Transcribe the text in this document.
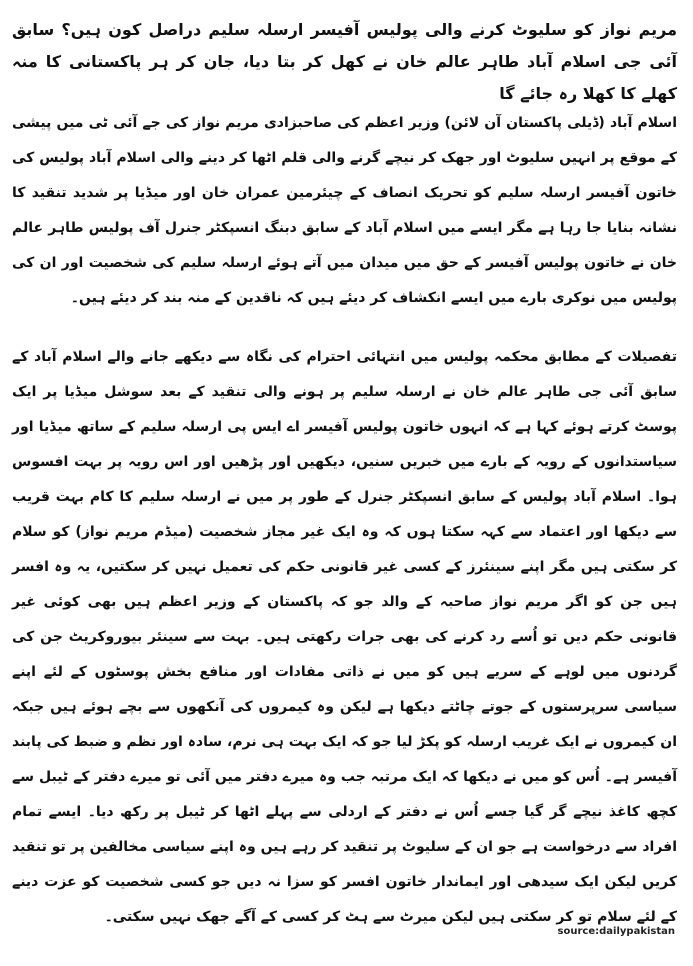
مریم نواز کو سلیوٹ کرنے والی پولیس آفیسر ارسلہ سلیم دراصل کون ہیں؟ سابق آئی جی اسلام آباد طاہر عالم خان نے کھل کر بتا دیا، جان کر ہر پاکستانی کا منہ کھلے کا کھلا رہ جائے گا
اسلام آباد (ڈیلی پاکستان آن لائن) وزیر اعظم کی صاحبزادی مریم نواز کی جے آئی ٹی میں پیشی کے موقع پر انہیں سلیوٹ اور جھک کر نیچے گرنے والی قلم اٹھا کر دینے والی اسلام آباد پولیس کی خاتون آفیسر ارسلہ سلیم کو تحریک انصاف کے چیئرمین عمران خان اور میڈیا پر شدید تنقید کا نشانہ بنایا جا رہا ہے مگر ایسے میں اسلام آباد کے سابق دبنگ انسپکٹر جنرل آف پولیس طاہر عالم خان نے خاتون پولیس آفیسر کے حق میں میدان میں آتے ہوئے ارسلہ سلیم کی شخصیت اور ان کی پولیس میں نوکری بارے میں ایسے انکشاف کر دیئے ہیں کہ ناقدین کے منہ بند کر دیئے ہیں۔
تفصیلات کے مطابق محکمہ پولیس میں انتہائی احترام کی نگاہ سے دیکھے جانے والے اسلام آباد کے سابق آئی جی طاہر عالم خان نے ارسلہ سلیم پر ہونے والی تنقید کے بعد سوشل میڈیا پر ایک پوسٹ کرتے ہوئے کہا ہے کہ انہوں خاتون پولیس آفیسر اے ایس پی ارسلہ سلیم کے ساتھ میڈیا اور سیاستدانوں کے رویہ کے بارے میں خبریں سنیں، دیکھیں اور پڑھیں اور اس رویہ پر بہت افسوس ہوا۔ اسلام آباد پولیس کے سابق انسپکٹر جنرل کے طور پر میں نے ارسلہ سلیم کا کام بہت قریب سے دیکھا اور اعتماد سے کہہ سکتا ہوں کہ وہ ایک غیر مجاز شخصیت (میڈم مریم نواز) کو سلام کر سکتی ہیں مگر اپنے سینئرز کے کسی غیر قانونی حکم کی تعمیل نہیں کر سکتیں، یہ وہ افسر ہیں جن کو اگر مریم نواز صاحبہ کے والد جو کہ پاکستان کے وزیر اعظم ہیں بھی کوئی غیر قانونی حکم دیں تو اُسے رد کرنے کی بھی جرات رکھتی ہیں۔ بہت سے سینئر بیوروکریٹ جن کی گردنوں میں لوہے کے سریے ہیں کو میں نے ذاتی مفادات اور منافع بخش پوسٹوں کے لئے اپنے سیاسی سرپرستوں کے جوتے چاٹتے دیکھا ہے لیکن وہ کیمروں کی آنکھوں سے بچے ہوئے ہیں جبکہ ان کیمروں نے ایک غریب ارسلہ کو پکڑ لیا جو کہ ایک بہت ہی نرم، سادہ اور نظم و ضبط کی پابند آفیسر ہے۔ اُس کو میں نے دیکھا کہ ایک مرتبہ جب وہ میرے دفتر میں آئی تو میرے دفتر کے ٹیبل سے کچھ کاغذ نیچے گر گیا جسے اُس نے دفتر کے اردلی سے پہلے اٹھا کر ٹیبل پر رکھ دیا۔ ایسے تمام افراد سے درخواست ہے جو ان کے سلیوٹ پر تنقید کر رہے ہیں وہ اپنے سیاسی مخالفین پر تو تنقید کریں لیکن ایک سیدھی اور ایماندار خاتون افسر کو سزا نہ دیں جو کسی شخصیت کو عزت دینے کے لئے سلام تو کر سکتی ہیں لیکن میرٹ سے ہٹ کر کسی کے آگے جھک نہیں سکتی۔
source:dailypakistan
